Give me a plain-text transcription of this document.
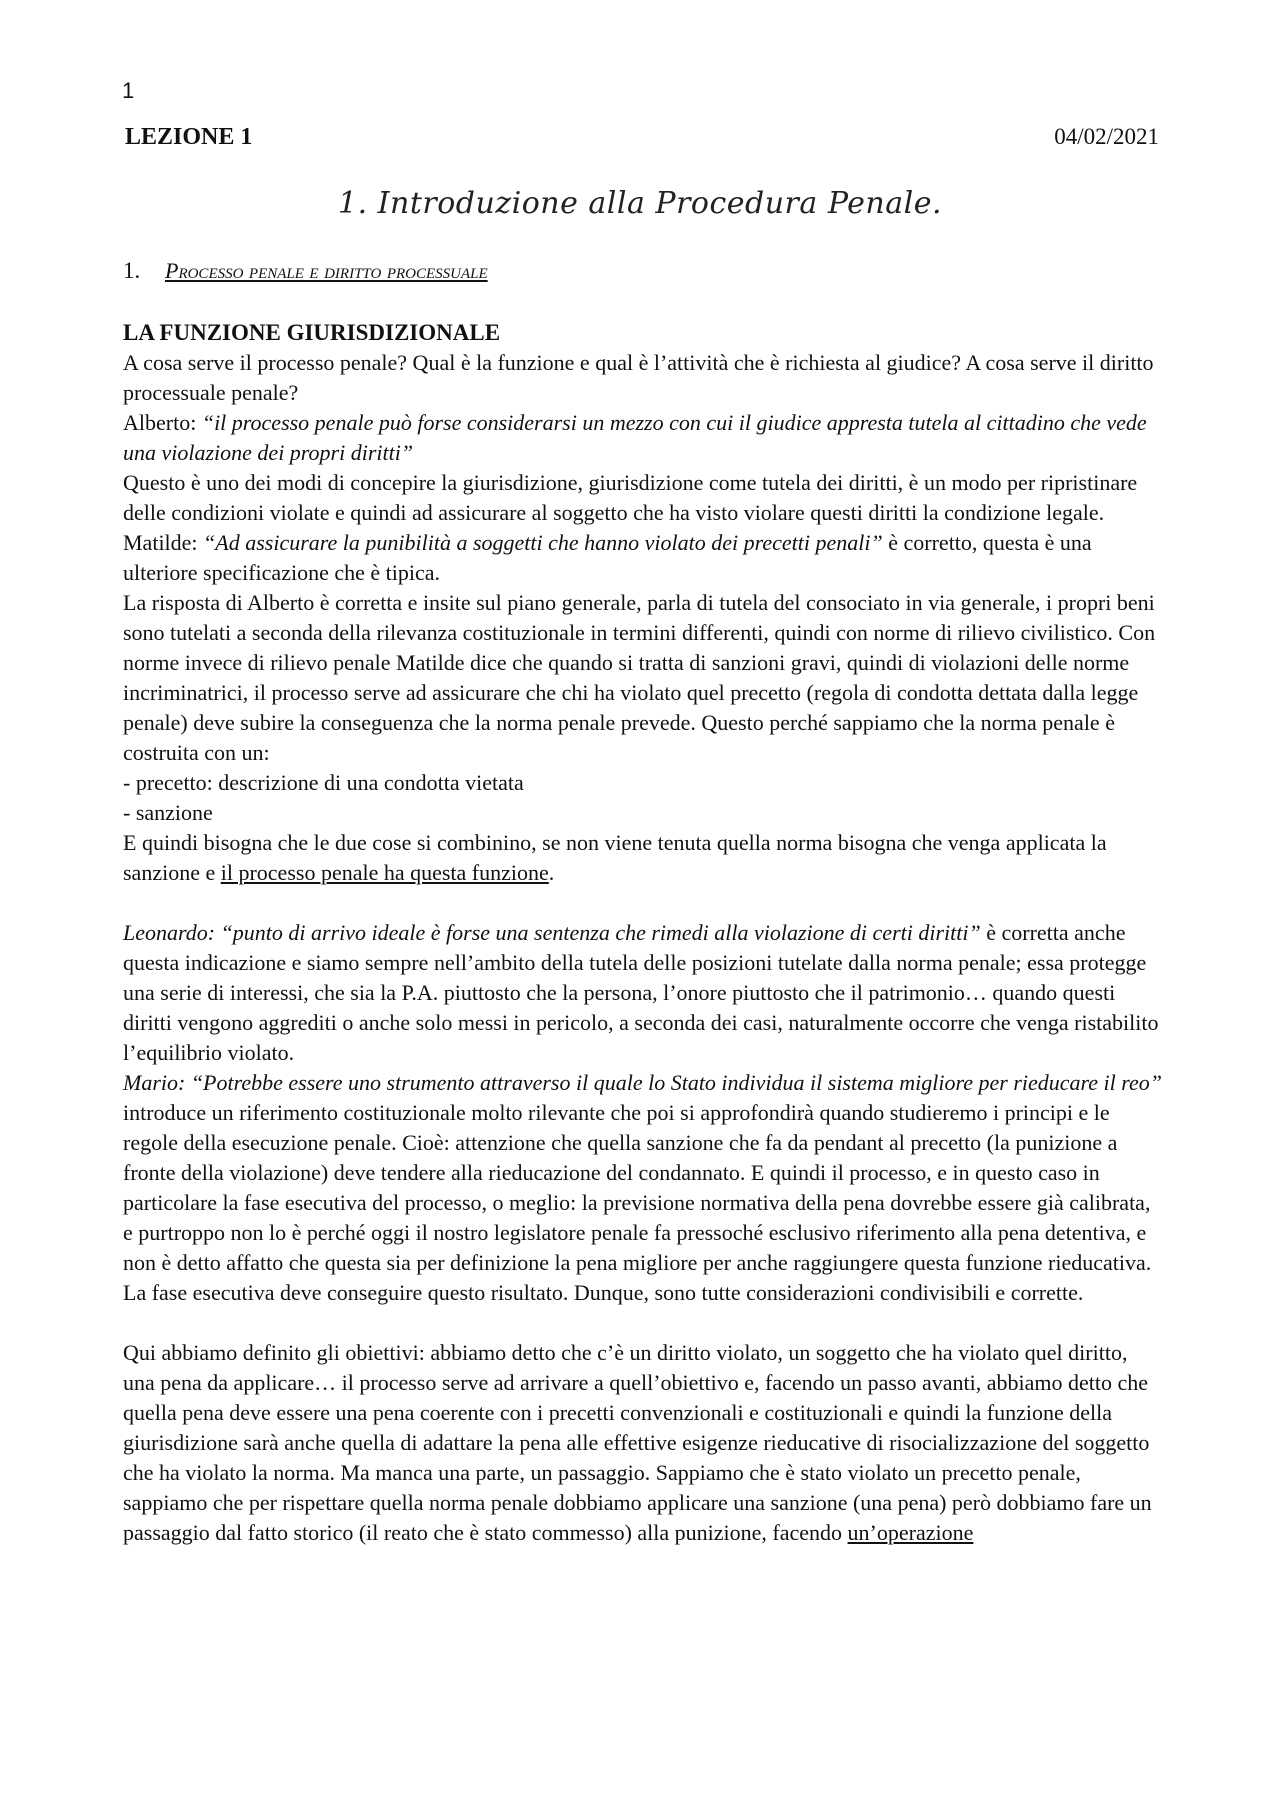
1
LEZIONE 1	04/02/2021
1. Introduzione alla Procedura Penale.
1. Processo penale e diritto processuale

LA FUNZIONE GIURISDIZIONALE

A cosa serve il processo penale? Qual è la funzione e qual è l’attività che è richiesta al giudice? A cosa serve il diritto processuale penale?

Alberto: “il processo penale può forse considerarsi un mezzo con cui il giudice appresta tutela al cittadino che vede una violazione dei propri diritti”

Questo è uno dei modi di concepire la giurisdizione, giurisdizione come tutela dei diritti, è un modo per ripristinare delle condizioni violate e quindi ad assicurare al soggetto che ha visto violare questi diritti la condizione legale. Matilde: “Ad assicurare la punibilità a soggetti che hanno violato dei precetti penali” è corretto, questa è una ulteriore specificazione che è tipica.

La risposta di Alberto è corretta e insite sul piano generale, parla di tutela del consociato in via generale, i propri beni sono tutelati a seconda della rilevanza costituzionale in termini differenti, quindi con norme di rilievo civilistico. Con norme invece di rilievo penale Matilde dice che quando si tratta di sanzioni gravi, quindi di violazioni delle norme incriminatrici, il processo serve ad assicurare che chi ha violato quel precetto (regola di condotta dettata dalla legge penale) deve subire la conseguenza che la norma penale prevede. Questo perché sappiamo che la norma penale è costruita con un:

- precetto: descrizione di una condotta vietata

- sanzione

E quindi bisogna che le due cose si combinino, se non viene tenuta quella norma bisogna che venga applicata la sanzione e il processo penale ha questa funzione.

Leonardo: “punto di arrivo ideale è forse una sentenza che rimedi alla violazione di certi diritti” è corretta anche questa indicazione e siamo sempre nell’ambito della tutela delle posizioni tutelate dalla norma penale; essa protegge una serie di interessi, che sia la P.A. piuttosto che la persona, l’onore piuttosto che il patrimonio… quando questi diritti vengono aggrediti o anche solo messi in pericolo, a seconda dei casi, naturalmente occorre che venga ristabilito l’equilibrio violato.

Mario: “Potrebbe essere uno strumento attraverso il quale lo Stato individua il sistema migliore per rieducare il reo” introduce un riferimento costituzionale molto rilevante che poi si approfondirà quando studieremo i principi e le regole della esecuzione penale. Cioè: attenzione che quella sanzione che fa da pendant al precetto (la punizione a fronte della violazione) deve tendere alla rieducazione del condannato. E quindi il processo, e in questo caso in particolare la fase esecutiva del processo, o meglio: la previsione normativa della pena dovrebbe essere già calibrata, e purtroppo non lo è perché oggi il nostro legislatore penale fa pressoché esclusivo riferimento alla pena detentiva, e non è detto affatto che questa sia per definizione la pena migliore per anche raggiungere questa funzione rieducativa. La fase esecutiva deve conseguire questo risultato. Dunque, sono tutte considerazioni condivisibili e corrette.

Qui abbiamo definito gli obiettivi: abbiamo detto che c’è un diritto violato, un soggetto che ha violato quel diritto, una pena da applicare… il processo serve ad arrivare a quell’obiettivo e, facendo un passo avanti, abbiamo detto che quella pena deve essere una pena coerente con i precetti convenzionali e costituzionali e quindi la funzione della giurisdizione sarà anche quella di adattare la pena alle effettive esigenze rieducative di risocializzazione del soggetto che ha violato la norma. Ma manca una parte, un passaggio. Sappiamo che è stato violato un precetto penale, sappiamo che per rispettare quella norma penale dobbiamo applicare una sanzione (una pena) però dobbiamo fare un passaggio dal fatto storico (il reato che è stato commesso) alla punizione, facendo un’operazione
